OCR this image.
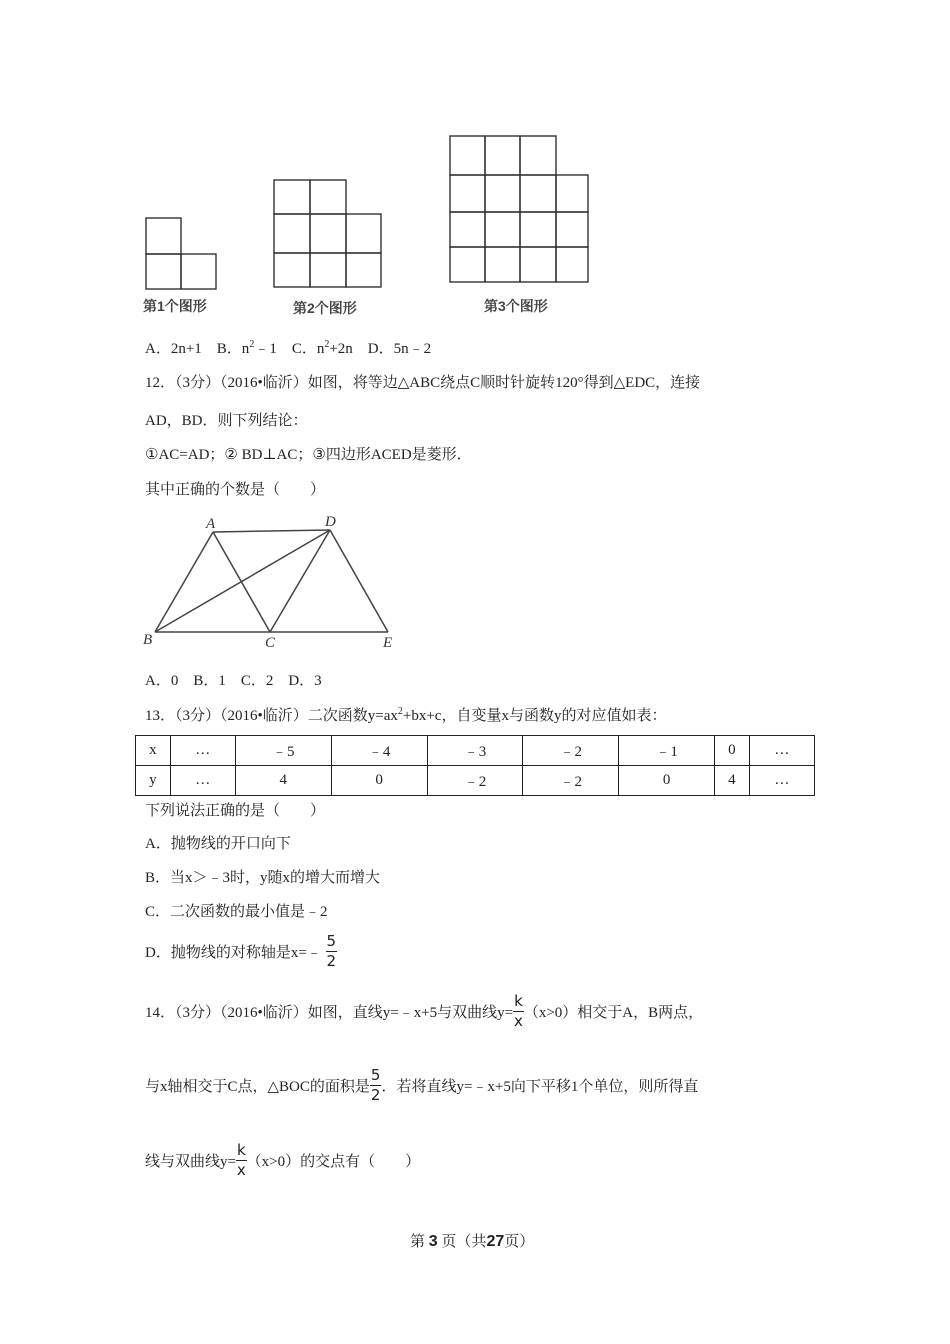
第1个图形	第2个图形	第3个图形
A．2n+1　B．$n^2﹣1$　C．$n^2+2n$　D．5n﹣2
12．（3分）（2016•临沂）如图，将等边△ABC绕点C顺时针旋转120°得到△EDC，连接
AD，BD．则下列结论：
①AC=AD；② BD⊥AC；③四边形ACED是菱形．
其中正确的个数是（　　）
A	D
B	C	E
A．0　B．1　C．2　D．3
13．（3分）（2016•临沂）二次函数$y=ax^2+bx+c$，自变量x与函数y的对应值如表：
x	…	﹣5	﹣4	﹣3	﹣2	﹣1	0	…
y	…	4	0	﹣2	﹣2	0	4	…
下列说法正确的是（　　）
A．抛物线的开口向下
B．当x＞﹣3时，y随x的增大而增大
C．二次函数的最小值是﹣2
D．抛物线的对称轴是x=﹣ $\frac{5}{2}$
14．（3分）（2016•临沂）如图，直线y=﹣x+5与双曲线$y= \frac{k}{x} (x>0)$相交于A，B两点，
与x轴相交于C点，△BOC的面积是 $\frac{5}{2}$ ．若将直线y=﹣x+5向下平移1个单位，则所得直
线与双曲线$y= \frac{k}{x} (x>0)$的交点有（　　）
第 3 页（共27页）
